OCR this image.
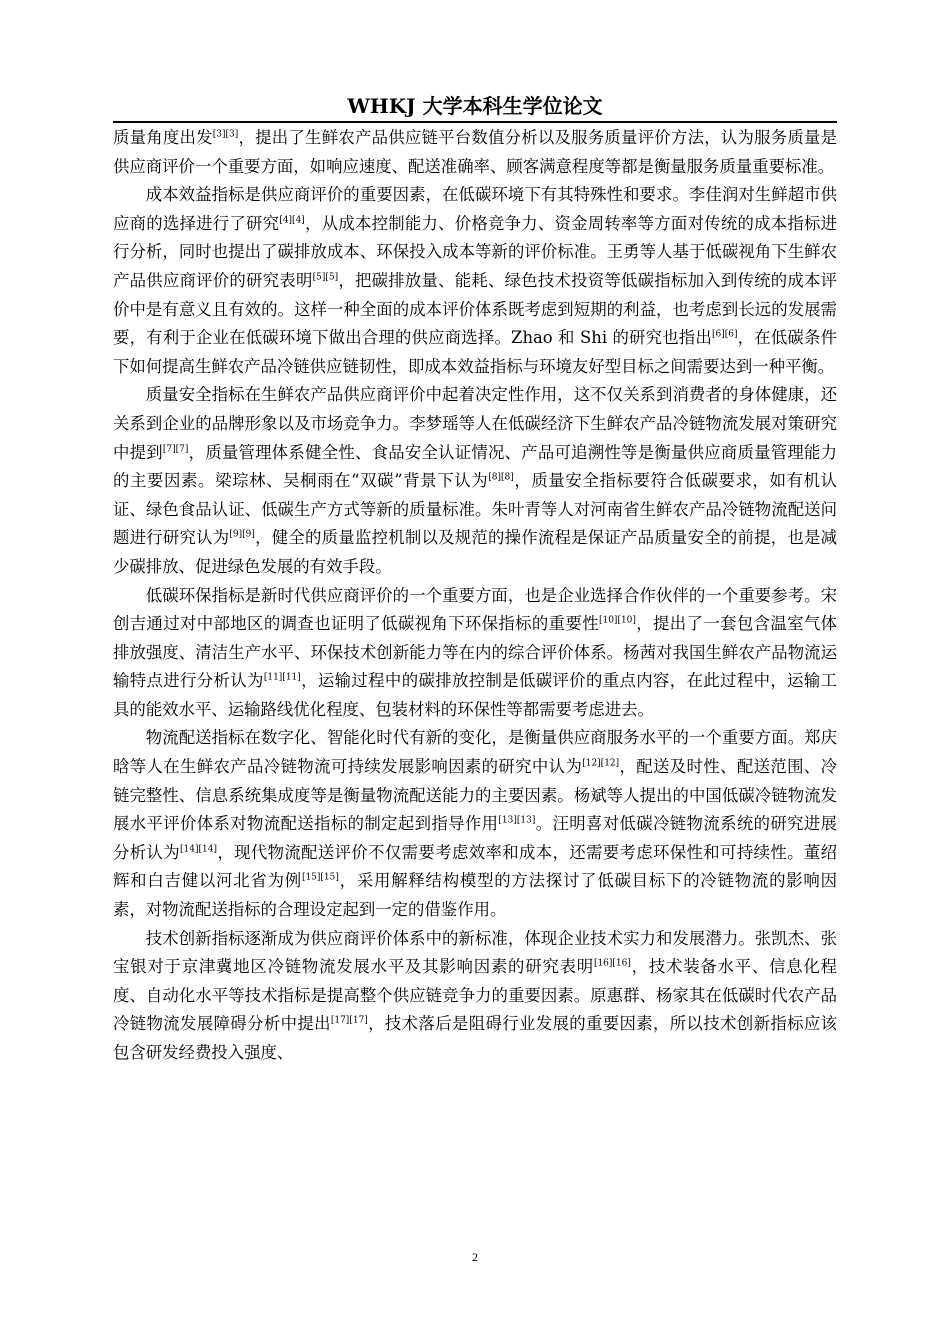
WHKJ 大学本科生学位论文

质量角度出发[3][3]，提出了生鲜农产品供应链平台数值分析以及服务质量评价方法，认为服务质量是供应商评价一个重要方面，如响应速度、配送准确率、顾客满意程度等都是衡量服务质量重要标准。

成本效益指标是供应商评价的重要因素，在低碳环境下有其特殊性和要求。李佳润对生鲜超市供应商的选择进行了研究[4][4]，从成本控制能力、价格竞争力、资金周转率等方面对传统的成本指标进行分析，同时也提出了碳排放成本、环保投入成本等新的评价标准。王勇等人基于低碳视角下生鲜农产品供应商评价的研究表明[5][5]，把碳排放量、能耗、绿色技术投资等低碳指标加入到传统的成本评价中是有意义且有效的。这样一种全面的成本评价体系既考虑到短期的利益，也考虑到长远的发展需要，有利于企业在低碳环境下做出合理的供应商选择。Zhao 和 Shi 的研究也指出[6][6]，在低碳条件下如何提高生鲜农产品冷链供应链韧性，即成本效益指标与环境友好型目标之间需要达到一种平衡。

质量安全指标在生鲜农产品供应商评价中起着决定性作用，这不仅关系到消费者的身体健康，还关系到企业的品牌形象以及市场竞争力。李梦瑶等人在低碳经济下生鲜农产品冷链物流发展对策研究中提到[7][7]，质量管理体系健全性、食品安全认证情况、产品可追溯性等是衡量供应商质量管理能力的主要因素。梁琮林、吴桐雨在“双碳”背景下认为[8][8]，质量安全指标要符合低碳要求，如有机认证、绿色食品认证、低碳生产方式等新的质量标准。朱叶青等人对河南省生鲜农产品冷链物流配送问题进行研究认为[9][9]，健全的质量监控机制以及规范的操作流程是保证产品质量安全的前提，也是减少碳排放、促进绿色发展的有效手段。

低碳环保指标是新时代供应商评价的一个重要方面，也是企业选择合作伙伴的一个重要参考。宋创吉通过对中部地区的调查也证明了低碳视角下环保指标的重要性[10][10]，提出了一套包含温室气体排放强度、清洁生产水平、环保技术创新能力等在内的综合评价体系。杨茜对我国生鲜农产品物流运输特点进行分析认为[11][11]，运输过程中的碳排放控制是低碳评价的重点内容，在此过程中，运输工具的能效水平、运输路线优化程度、包装材料的环保性等都需要考虑进去。

物流配送指标在数字化、智能化时代有新的变化，是衡量供应商服务水平的一个重要方面。郑庆晗等人在生鲜农产品冷链物流可持续发展影响因素的研究中认为[12][12]，配送及时性、配送范围、冷链完整性、信息系统集成度等是衡量物流配送能力的主要因素。杨斌等人提出的中国低碳冷链物流发展水平评价体系对物流配送指标的制定起到指导作用[13][13]。汪明喜对低碳冷链物流系统的研究进展分析认为[14][14]，现代物流配送评价不仅需要考虑效率和成本，还需要考虑环保性和可持续性。董绍辉和白吉健以河北省为例[15][15]，采用解释结构模型的方法探讨了低碳目标下的冷链物流的影响因素，对物流配送指标的合理设定起到一定的借鉴作用。

技术创新指标逐渐成为供应商评价体系中的新标准，体现企业技术实力和发展潜力。张凯杰、张宝银对于京津冀地区冷链物流发展水平及其影响因素的研究表明[16][16]，技术装备水平、信息化程度、自动化水平等技术指标是提高整个供应链竞争力的重要因素。原惠群、杨家其在低碳时代农产品冷链物流发展障碍分析中提出[17][17]，技术落后是阻碍行业发展的重要因素，所以技术创新指标应该包含研发经费投入强度、

2
